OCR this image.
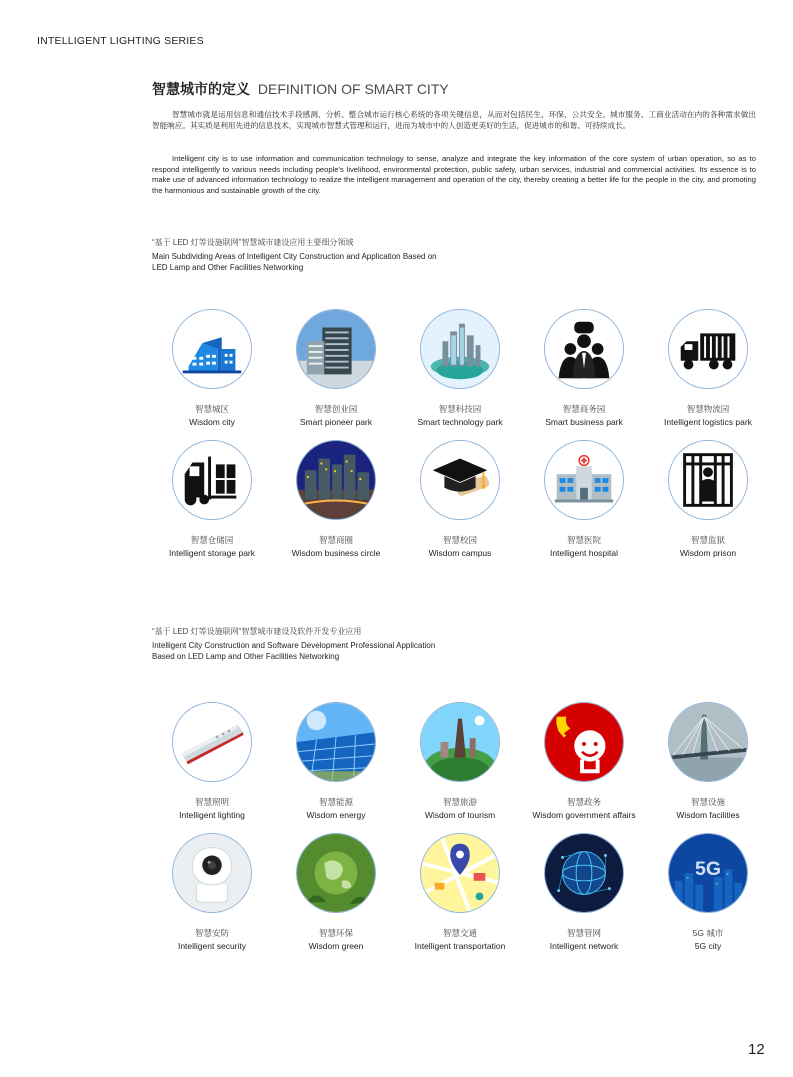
INTELLIGENT LIGHTING SERIES
智慧城市的定义 DEFINITION OF SMART CITY

智慧城市就是运用信息和通信技术手段感测、分析、整合城市运行核心系统的各项关键信息，从而对包括民生、环保、公共安全、城市服务、工商业活动在内的各种需求做出智能响应。其实质是利用先进的信息技术，实现城市智慧式管理和运行，进而为城市中的人创造更美好的生活，促进城市的和谐、可持续成长。

Intelligent city is to use information and communication technology to sense, analyze and integrate the key information of the core system of urban operation, so as to respond intelligently to various needs including people's livelihood, environmental protection, public safety, urban services, industrial and commercial activities. Its essence is to make use of advanced information technology to realize the intelligent management and operation of the city, thereby creating a better life for the people in the city, and promoting the harmonious and sustainable growth of the city.

“基于 LED 灯等设施联网”智慧城市建设应用主要细分领域
Main Subdividing Areas of Intelligent City Construction and Application Based on LED Lamp and Other Facilities Networking
智慧城区
Wisdom city
智慧创业园
Smart pioneer park
智慧科技园
Smart technology park
智慧商务园
Smart business park
智慧物流园
Intelligent logistics park
智慧仓储园
Intelligent storage park
智慧商圈
Wisdom business circle
智慧校园
Wisdom campus
智慧医院
Intelligent hospital
智慧监狱
Wisdom prison
“基于 LED 灯等设施联网”智慧城市建设及软件开发专业应用
Intelligent City Construction and Software Development Professional Application Based on LED Lamp and Other Facilities Networking
智慧照明
Intelligent lighting
智慧能源
Wisdom energy
智慧旅游
Wisdom of tourism
智慧政务
Wisdom government affairs
智慧设施
Wisdom facilities
智慧安防
Intelligent security
智慧环保
Wisdom green
智慧交通
Intelligent transportation
智慧管网
Intelligent network
5G
5G 城市
5G city
12
